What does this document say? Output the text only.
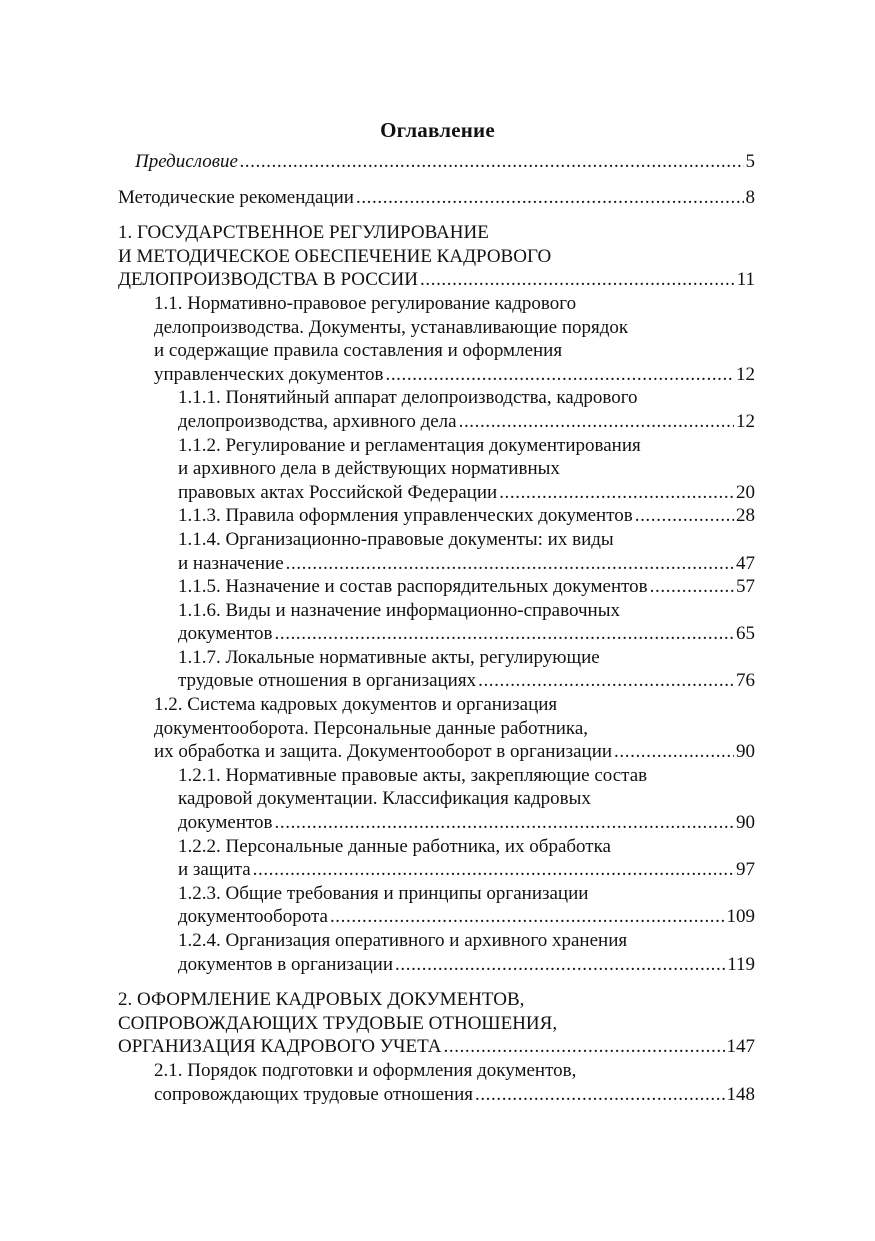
Оглавление
Предисловие .....	5
Методические рекомендации .....	8
1. ГОСУДАРСТВЕННОЕ РЕГУЛИРОВАНИЕ
И МЕТОДИЧЕСКОЕ ОБЕСПЕЧЕНИЕ КАДРОВОГО
ДЕЛОПРОИЗВОДСТВА В РОССИИ .....	11
1.1. Нормативно-правовое регулирование кадрового
делопроизводства. Документы, устанавливающие порядок
и содержащие правила составления и оформления
управленческих документов .....	12
1.1.1. Понятийный аппарат делопроизводства, кадрового
делопроизводства, архивного дела .....	12
1.1.2. Регулирование и регламентация документирования
и архивного дела в действующих нормативных
правовых актах Российской Федерации .....	20
1.1.3. Правила оформления управленческих документов .....	28
1.1.4. Организационно-правовые документы: их виды
и назначение .....	47
1.1.5. Назначение и состав распорядительных документов .....	57
1.1.6. Виды и назначение информационно-справочных
документов .....	65
1.1.7. Локальные нормативные акты, регулирующие
трудовые отношения в организациях .....	76
1.2. Система кадровых документов и организация
документооборота. Персональные данные работника,
их обработка и защита. Документооборот в организации .....	90
1.2.1. Нормативные правовые акты, закрепляющие состав
кадровой документации. Классификация кадровых
документов .....	90
1.2.2. Персональные данные работника, их обработка
и защита .....	97
1.2.3. Общие требования и принципы организации
документооборота .....	109
1.2.4. Организация оперативного и архивного хранения
документов в организации .....	119
2. ОФОРМЛЕНИЕ КАДРОВЫХ ДОКУМЕНТОВ,
СОПРОВОЖДАЮЩИХ ТРУДОВЫЕ ОТНОШЕНИЯ,
ОРГАНИЗАЦИЯ КАДРОВОГО УЧЕТА .....	147
2.1. Порядок подготовки и оформления документов,
сопровождающих трудовые отношения .....	148
